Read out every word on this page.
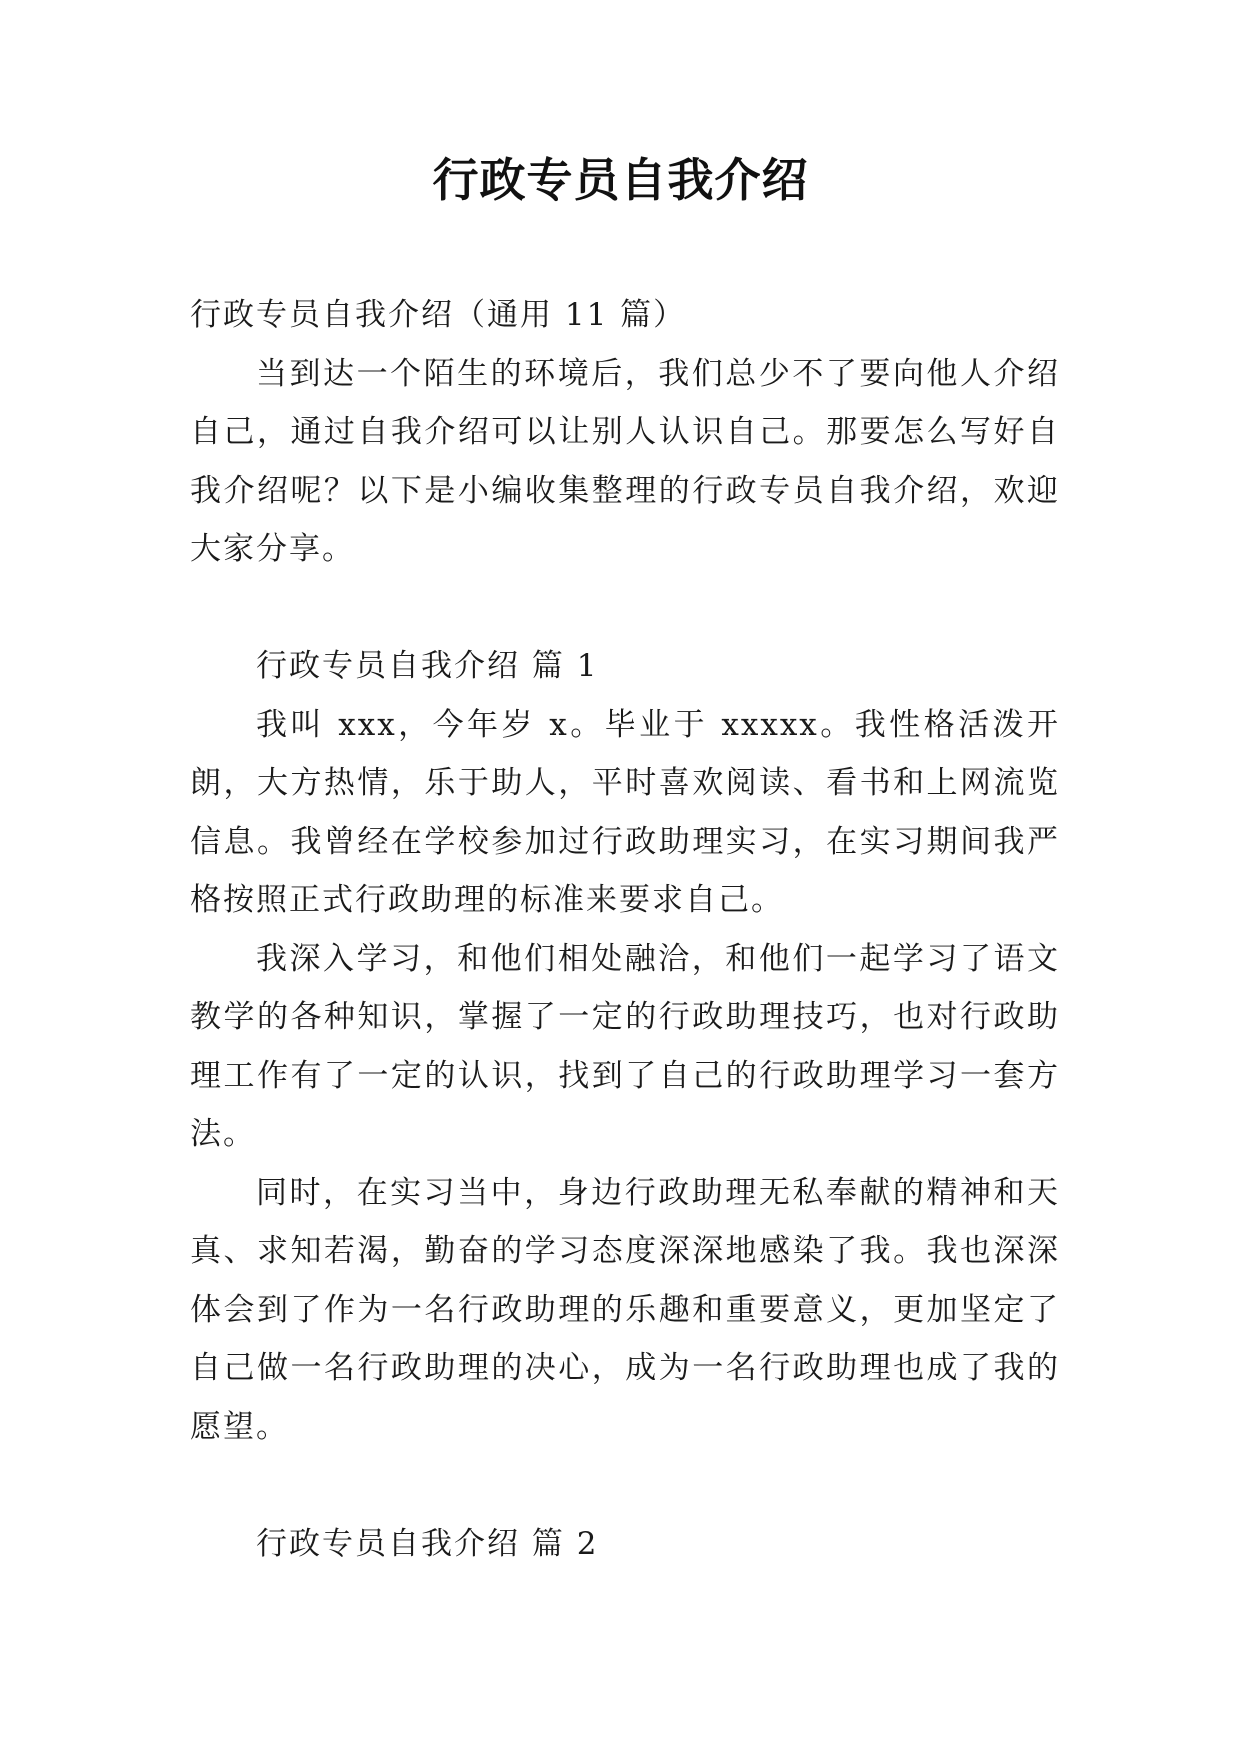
行政专员自我介绍

行政专员自我介绍（通用 11 篇）

当到达一个陌生的环境后，我们总少不了要向他人介绍自己，通过自我介绍可以让别人认识自己。那要怎么写好自我介绍呢？以下是小编收集整理的行政专员自我介绍，欢迎大家分享。

行政专员自我介绍 篇 1

我叫 xxx，今年岁 x。毕业于 xxxxx。我性格活泼开朗，大方热情，乐于助人，平时喜欢阅读、看书和上网流览信息。我曾经在学校参加过行政助理实习，在实习期间我严格按照正式行政助理的标准来要求自己。

我深入学习，和他们相处融洽，和他们一起学习了语文教学的各种知识，掌握了一定的行政助理技巧，也对行政助理工作有了一定的认识，找到了自己的行政助理学习一套方法。

同时，在实习当中，身边行政助理无私奉献的精神和天真、求知若渴，勤奋的学习态度深深地感染了我。我也深深体会到了作为一名行政助理的乐趣和重要意义，更加坚定了自己做一名行政助理的决心，成为一名行政助理也成了我的愿望。

行政专员自我介绍 篇 2
